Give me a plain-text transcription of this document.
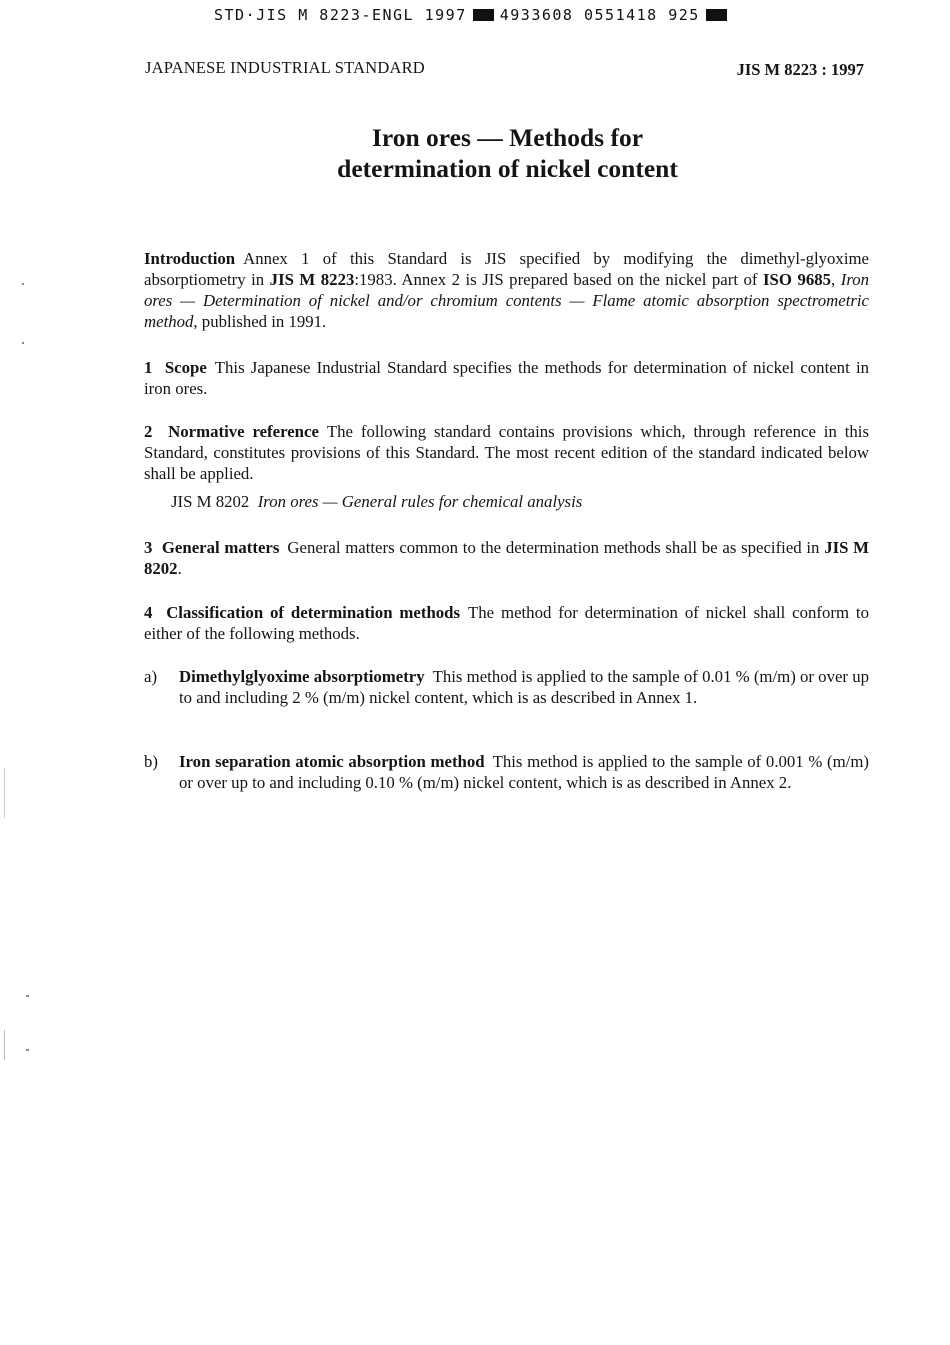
STD·JIS M 8223-ENGL 1997 4933608 0551418 925
JAPANESE INDUSTRIAL STANDARD	JIS M 8223 : 1997
Iron ores — Methods for
determination of nickel content
Introduction Annex 1 of this Standard is JIS specified by modifying the dimethyl-glyoxime absorptiometry in JIS M 8223:1983. Annex 2 is JIS prepared based on the nickel part of ISO 9685, Iron ores — Determination of nickel and/or chromium contents — Flame atomic absorption spectrometric method, published in 1991.
1 Scope This Japanese Industrial Standard specifies the methods for determination of nickel content in iron ores.
2 Normative reference The following standard contains provisions which, through reference in this Standard, constitutes provisions of this Standard. The most recent edition of the standard indicated below shall be applied.
JIS M 8202 Iron ores — General rules for chemical analysis
3 General matters General matters common to the determination methods shall be as specified in JIS M 8202.
4 Classification of determination methods The method for determination of nickel shall conform to either of the following methods.
a) Dimethylglyoxime absorptiometry This method is applied to the sample of 0.01 % (m/m) or over up to and including 2 % (m/m) nickel content, which is as described in Annex 1.
b) Iron separation atomic absorption method This method is applied to the sample of 0.001 % (m/m) or over up to and including 0.10 % (m/m) nickel content, which is as described in Annex 2.
